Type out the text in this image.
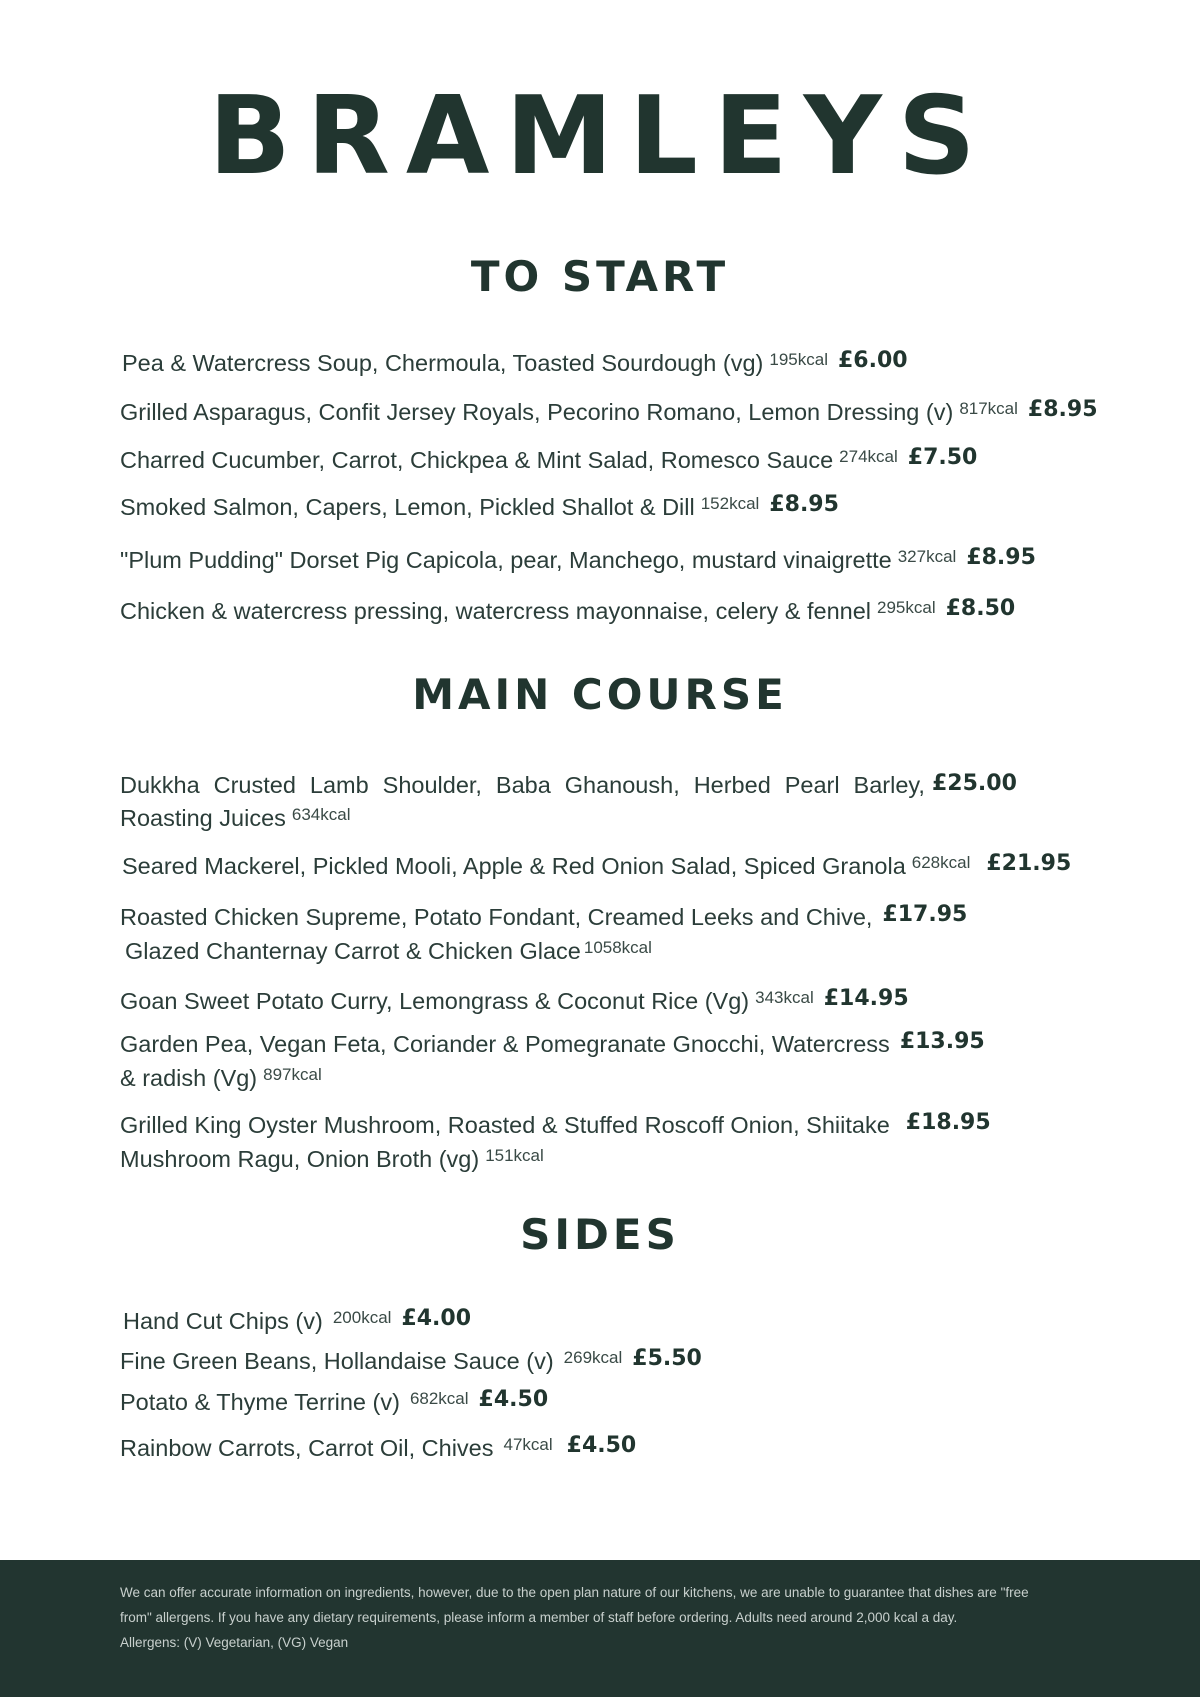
BRAMLEYS
TO START
Pea & Watercress Soup, Chermoula, Toasted Sourdough (vg) $^{195kcal}$ £6.00
Grilled Asparagus, Confit Jersey Royals, Pecorino Romano, Lemon Dressing (v) $^{817kcal}$ £8.95
Charred Cucumber, Carrot, Chickpea & Mint Salad, Romesco Sauce $^{274kcal}$ £7.50
Smoked Salmon, Capers, Lemon, Pickled Shallot & Dill $^{152kcal}$ £8.95
"Plum Pudding" Dorset Pig Capicola, pear, Manchego, mustard vinaigrette $^{327kcal}$ £8.95
Chicken & watercress pressing, watercress mayonnaise, celery & fennel $^{295kcal}$ £8.50
MAIN COURSE
Dukkha Crusted Lamb Shoulder, Baba Ghanoush, Herbed Pearl Barley, £25.00
Roasting Juices $^{634kcal}$
Seared Mackerel, Pickled Mooli, Apple & Red Onion Salad, Spiced Granola $^{628kcal}$ £21.95
Roasted Chicken Supreme, Potato Fondant, Creamed Leeks and Chive, £17.95
Glazed Chanternay Carrot & Chicken Glace $^{1058kcal}$
Goan Sweet Potato Curry, Lemongrass & Coconut Rice (Vg) $^{343kcal}$ £14.95
Garden Pea, Vegan Feta, Coriander & Pomegranate Gnocchi, Watercress £13.95
& radish (Vg) $^{897kcal}$
Grilled King Oyster Mushroom, Roasted & Stuffed Roscoff Onion, Shiitake £18.95
Mushroom Ragu, Onion Broth (vg) $^{151kcal}$
SIDES
Hand Cut Chips (v) $^{200kcal}$ £4.00
Fine Green Beans, Hollandaise Sauce (v) $^{269kcal}$ £5.50
Potato & Thyme Terrine (v) $^{682kcal}$ £4.50
Rainbow Carrots, Carrot Oil, Chives $^{47kcal}$ £4.50
We can offer accurate information on ingredients, however, due to the open plan nature of our kitchens, we are unable to guarantee that dishes are "free
from" allergens. If you have any dietary requirements, please inform a member of staff before ordering. Adults need around 2,000 kcal a day.
Allergens: (V) Vegetarian, (VG) Vegan
